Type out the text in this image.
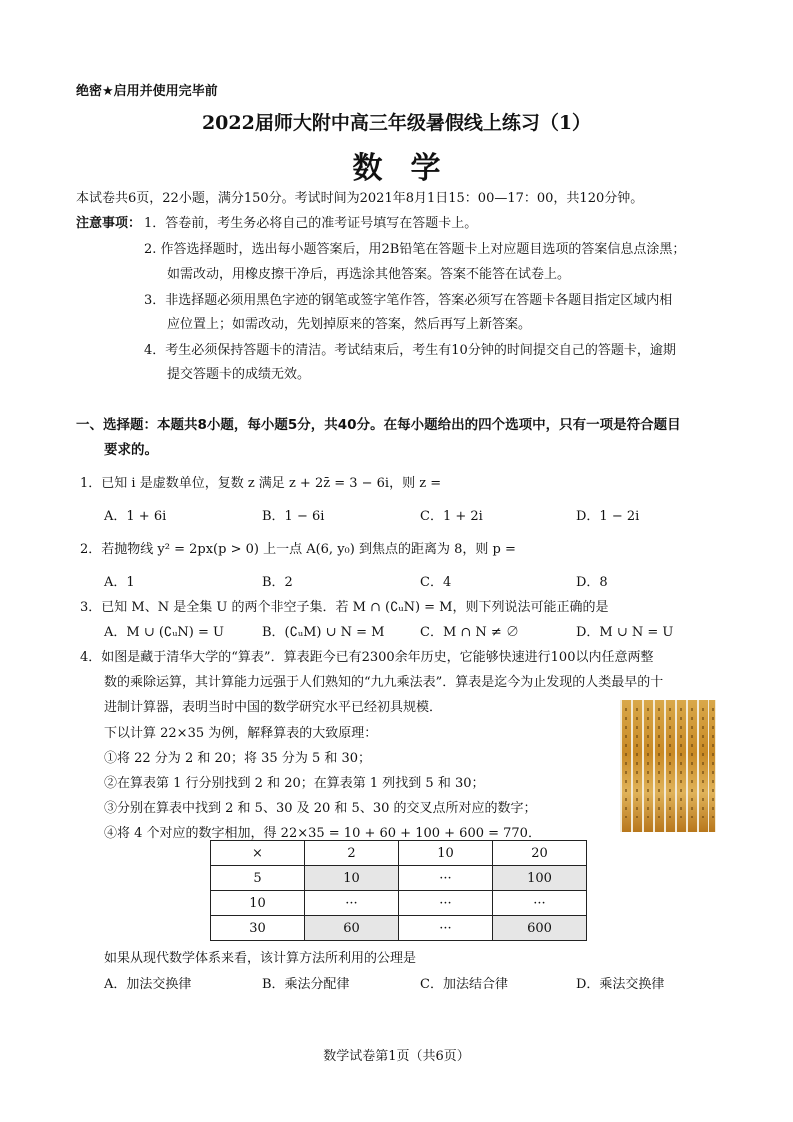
绝密★启用并使用完毕前
2022届师大附中高三年级暑假线上练习（1）
数学
本试卷共6页，22小题，满分150分。考试时间为2021年8月1日15：00—17：00，共120分钟。
注意事项： 1．答卷前，考生务必将自己的准考证号填写在答题卡上。
2. 作答选择题时，选出每小题答案后，用2B铅笔在答题卡上对应题目选项的答案信息点涂黑；
如需改动，用橡皮擦干净后，再选涂其他答案。答案不能答在试卷上。
3．非选择题必须用黑色字迹的钢笔或签字笔作答，答案必须写在答题卡各题目指定区域内相
应位置上；如需改动，先划掉原来的答案，然后再写上新答案。
4．考生必须保持答题卡的清洁。考试结束后，考生有10分钟的时间提交自己的答题卡，逾期
提交答题卡的成绩无效。
一、选择题：本题共8小题，每小题5分，共40分。在每小题给出的四个选项中，只有一项是符合题目
要求的。
1．已知 i 是虚数单位，复数 z 满足 z + 2z̄ = 3 − 6i，则 z =
A．1 + 6i	B．1 − 6i	C．1 + 2i	D．1 − 2i
2．若抛物线 y² = 2px(p > 0) 上一点 A(6, y₀) 到焦点的距离为 8，则 p =
A．1	B．2	C．4	D．8
3．已知 M、N 是全集 U 的两个非空子集．若 M ∩ (∁ᵤN) = M，则下列说法可能正确的是
A．M ∪ (∁ᵤN) = U	B．(∁ᵤM) ∪ N = M	C．M ∩ N ≠ ∅	D．M ∪ N = U
4．如图是藏于清华大学的“算表”．算表距今已有2300余年历史，它能够快速进行100以内任意两整
数的乘除运算，其计算能力远强于人们熟知的“九九乘法表”．算表是迄今为止发现的人类最早的十
进制计算器，表明当时中国的数学研究水平已经初具规模．
下以计算 22×35 为例，解释算表的大致原理：
①将 22 分为 2 和 20；将 35 分为 5 和 30；
②在算表第 1 行分别找到 2 和 20；在算表第 1 列找到 5 和 30；
③分别在算表中找到 2 和 5、30 及 20 和 5、30 的交叉点所对应的数字；
④将 4 个对应的数字相加，得 22×35 = 10 + 60 + 100 + 600 = 770．
×	2	10	20
5	10	···	100
10	···	···	···
30	60	···	600
如果从现代数学体系来看，该计算方法所利用的公理是
A．加法交换律	B．乘法分配律	C．加法结合律	D．乘法交换律
数学试卷第1页（共6页）
